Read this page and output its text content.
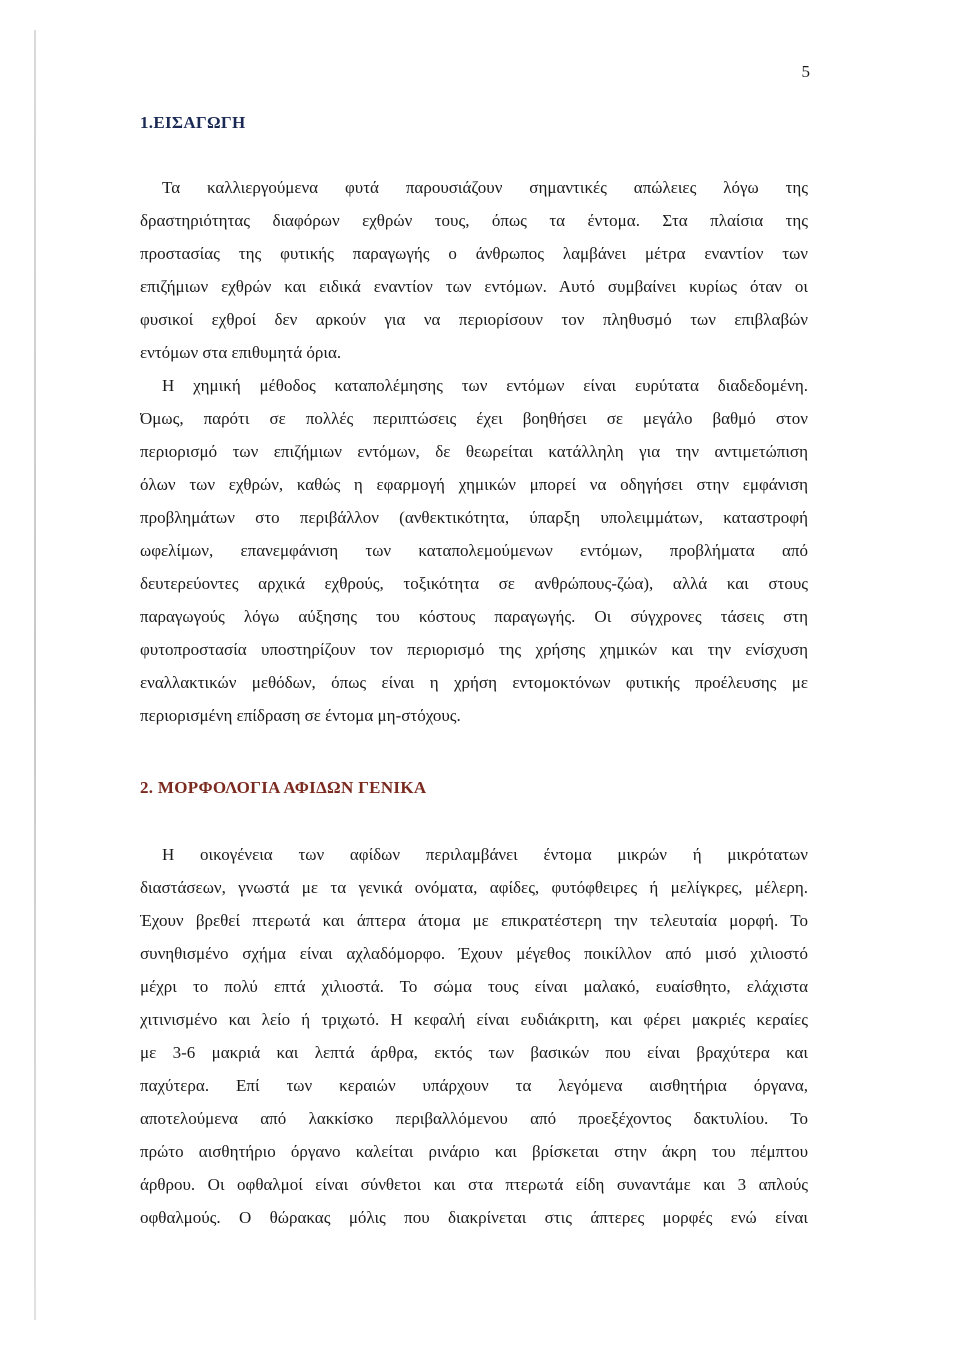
5
1.ΕΙΣΑΓΩΓΗ

Τα καλλιεργούμενα φυτά παρουσιάζουν σημαντικές απώλειες λόγω της
δραστηριότητας διαφόρων εχθρών τους, όπως τα έντομα. Στα πλαίσια της
προστασίας της φυτικής παραγωγής ο άνθρωπος λαμβάνει μέτρα εναντίον των
επιζήμιων εχθρών και ειδικά εναντίον των εντόμων. Αυτό συμβαίνει κυρίως όταν οι
φυσικοί εχθροί δεν αρκούν για να περιορίσουν τον πληθυσμό των επιβλαβών
εντόμων στα επιθυμητά όρια.

Η χημική μέθοδος καταπολέμησης των εντόμων είναι ευρύτατα διαδεδομένη.
Όμως, παρότι σε πολλές περιπτώσεις έχει βοηθήσει σε μεγάλο βαθμό στον
περιορισμό των επιζήμιων εντόμων, δε θεωρείται κατάλληλη για την αντιμετώπιση
όλων των εχθρών, καθώς η εφαρμογή χημικών μπορεί να οδηγήσει στην εμφάνιση
προβλημάτων στο περιβάλλον (ανθεκτικότητα, ύπαρξη υπολειμμάτων, καταστροφή
ωφελίμων, επανεμφάνιση των καταπολεμούμενων εντόμων, προβλήματα από
δευτερεύοντες αρχικά εχθρούς, τοξικότητα σε ανθρώπους-ζώα), αλλά και στους
παραγωγούς λόγω αύξησης του κόστους παραγωγής. Οι σύγχρονες τάσεις στη
φυτοπροστασία υποστηρίζουν τον περιορισμό της χρήσης χημικών και την ενίσχυση
εναλλακτικών μεθόδων, όπως είναι η χρήση εντομοκτόνων φυτικής προέλευσης με
περιορισμένη επίδραση σε έντομα μη-στόχους.

2. ΜΟΡΦΟΛΟΓΙΑ ΑΦΙΔΩΝ ΓΕΝΙΚΑ

Η οικογένεια των αφίδων περιλαμβάνει έντομα μικρών ή μικρότατων
διαστάσεων, γνωστά με τα γενικά ονόματα, αφίδες, φυτόφθειρες ή μελίγκρες, μέλερη.
Έχουν βρεθεί πτερωτά και άπτερα άτομα με επικρατέστερη την τελευταία μορφή. Το
συνηθισμένο σχήμα είναι αχλαδόμορφο. Έχουν μέγεθος ποικίλλον από μισό χιλιοστό
μέχρι το πολύ επτά χιλιοστά. Το σώμα τους είναι μαλακό, ευαίσθητο, ελάχιστα
χιτινισμένο και λείο ή τριχωτό. Η κεφαλή είναι ευδιάκριτη, και φέρει μακριές κεραίες
με 3-6 μακριά και λεπτά άρθρα, εκτός των βασικών που είναι βραχύτερα και
παχύτερα. Επί των κεραιών υπάρχουν τα λεγόμενα αισθητήρια όργανα,
αποτελούμενα από λακκίσκο περιβαλλόμενου από προεξέχοντος δακτυλίου. Το
πρώτο αισθητήριο όργανο καλείται ρινάριο και βρίσκεται στην άκρη του πέμπτου
άρθρου. Οι οφθαλμοί είναι σύνθετοι και στα πτερωτά είδη συναντάμε και 3 απλούς
οφθαλμούς. Ο θώρακας μόλις που διακρίνεται στις άπτερες μορφές ενώ είναι
